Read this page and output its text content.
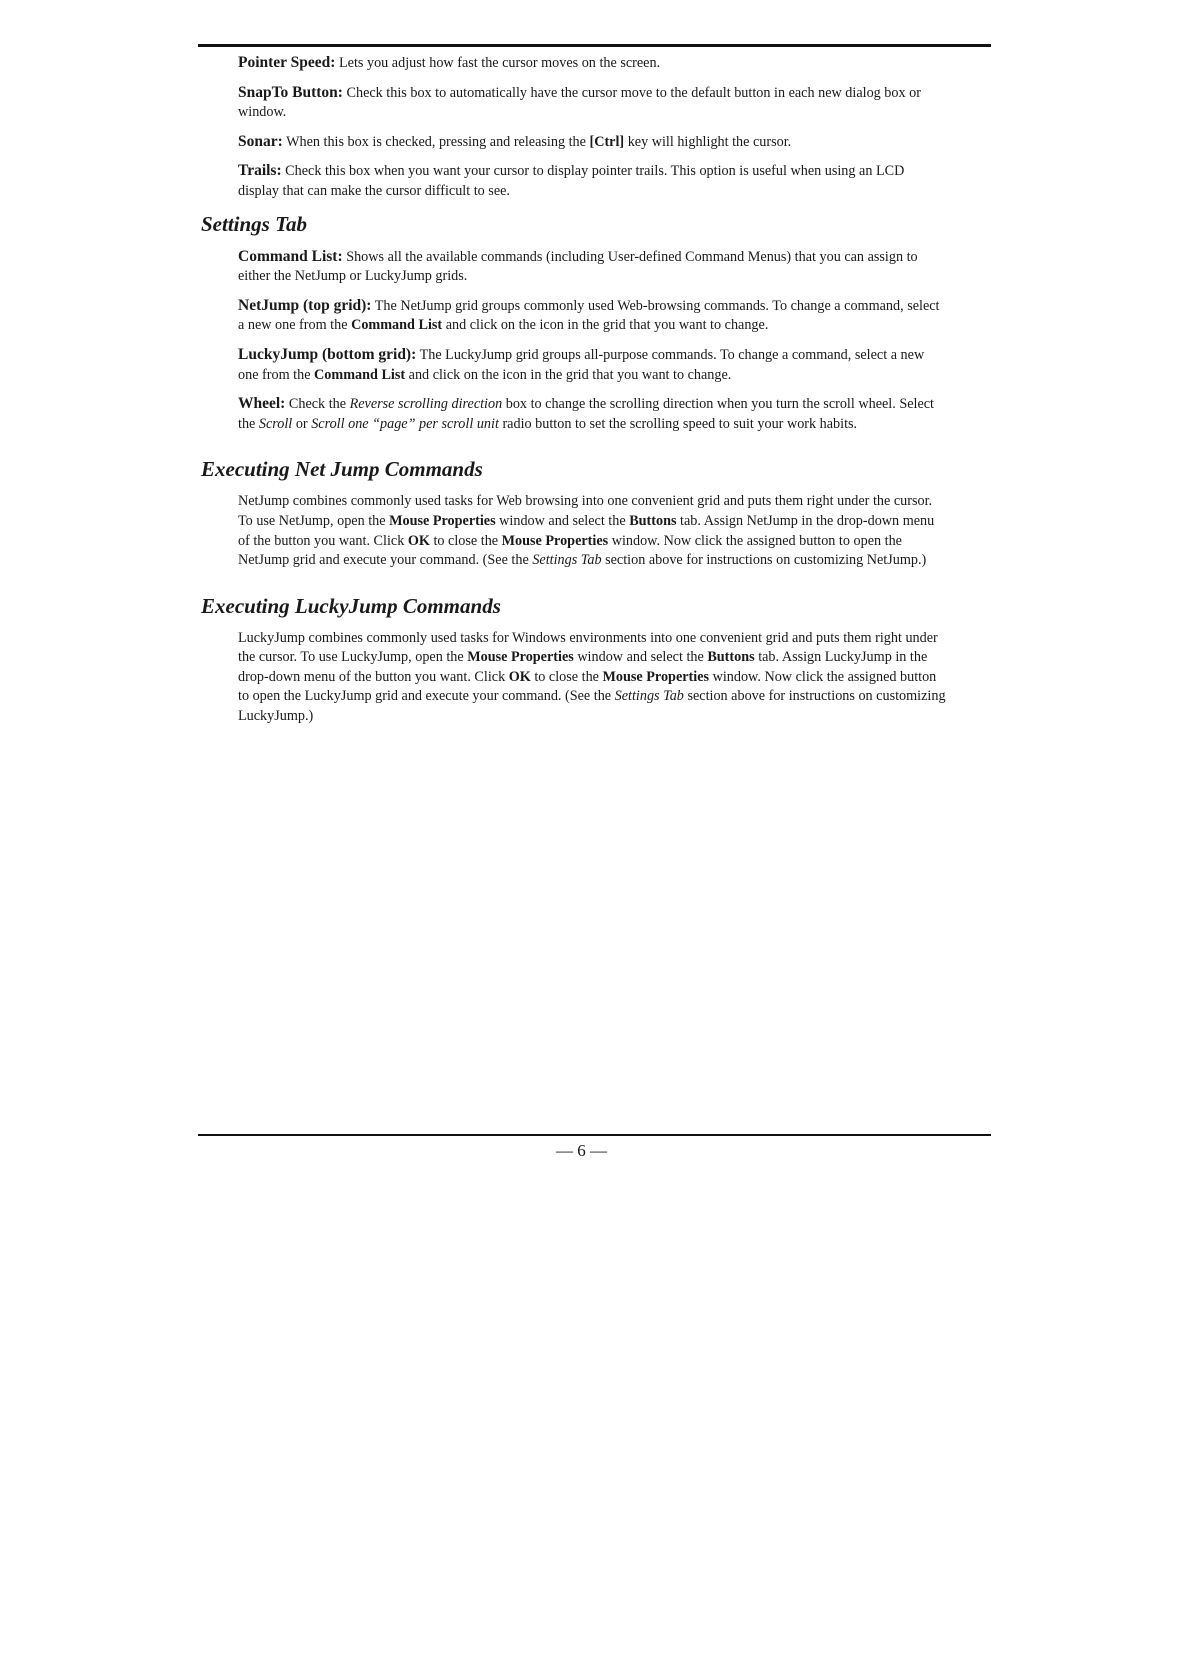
Pointer Speed: Lets you adjust how fast the cursor moves on the screen.

SnapTo Button: Check this box to automatically have the cursor move to the default button in each new dialog box or window.

Sonar: When this box is checked, pressing and releasing the [Ctrl] key will highlight the cursor.

Trails: Check this box when you want your cursor to display pointer trails. This option is useful when using an LCD display that can make the cursor difficult to see.

Settings Tab

Command List: Shows all the available commands (including User-defined Command Menus) that you can assign to either the NetJump or LuckyJump grids.

NetJump (top grid): The NetJump grid groups commonly used Web-browsing commands. To change a command, select a new one from the Command List and click on the icon in the grid that you want to change.

LuckyJump (bottom grid): The LuckyJump grid groups all-purpose commands. To change a command, select a new one from the Command List and click on the icon in the grid that you want to change.

Wheel: Check the Reverse scrolling direction box to change the scrolling direction when you turn the scroll wheel. Select the Scroll or Scroll one “page” per scroll unit radio button to set the scrolling speed to suit your work habits.

Executing Net Jump Commands

NetJump combines commonly used tasks for Web browsing into one convenient grid and puts them right under the cursor. To use NetJump, open the Mouse Properties window and select the Buttons tab. Assign NetJump in the drop-down menu of the button you want. Click OK to close the Mouse Properties window. Now click the assigned button to open the NetJump grid and execute your command. (See the Settings Tab section above for instructions on customizing NetJump.)

Executing LuckyJump Commands

LuckyJump combines commonly used tasks for Windows environments into one convenient grid and puts them right under the cursor. To use LuckyJump, open the Mouse Properties window and select the Buttons tab. Assign LuckyJump in the drop-down menu of the button you want. Click OK to close the Mouse Properties window. Now click the assigned button to open the LuckyJump grid and execute your command. (See the Settings Tab section above for instructions on customizing LuckyJump.)

— 6 —
